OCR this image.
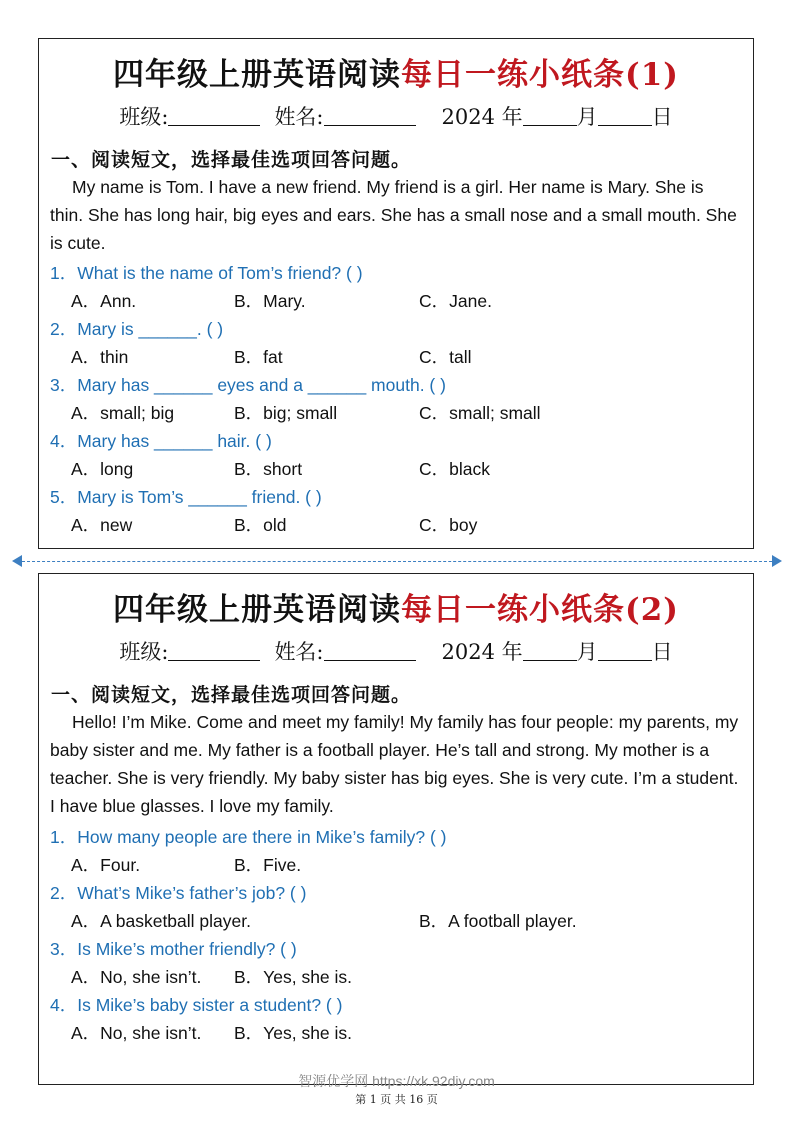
四年级上册英语阅读每日一练小纸条(1)
班级:	姓名:	2024 年	月	日
一、阅读短文，选择最佳选项回答问题。

My name is Tom. I have a new friend. My friend is a girl. Her name is Mary. She is thin. She has long hair, big eyes and ears. She has a small nose and a small mouth. She is cute.

1．What is the name of Tom’s friend? ( )

A．Ann.	B．Mary.	C．Jane.

2．Mary is ______. ( )

A．thin	B．fat	C．tall

3．Mary has ______ eyes and a ______ mouth. ( )

A．small; big	B．big; small	C．small; small

4．Mary has ______ hair. ( )

A．long	B．short	C．black

5．Mary is Tom’s ______ friend. ( )

A．new	B．old	C．boy
四年级上册英语阅读每日一练小纸条(2)
班级:	姓名:	2024 年	月	日
一、阅读短文，选择最佳选项回答问题。

Hello! I’m Mike. Come and meet my family! My family has four people: my parents, my baby sister and me. My father is a football player. He’s tall and strong. My mother is a teacher. She is very friendly. My baby sister has big eyes. She is very cute. I’m a student. I have blue glasses. I love my family.

1．How many people are there in Mike’s family? ( )

A．Four.	B．Five.

2．What’s Mike’s father’s job? ( )

A．A basketball player.	B．A football player.

3．Is Mike’s mother friendly? ( )

A．No, she isn’t. B．Yes, she is.

4．Is Mike’s baby sister a student? ( )

A．No, she isn’t. B．Yes, she is.
智源优学网 https://xk.92diy.com
第 1 页 共 16 页
